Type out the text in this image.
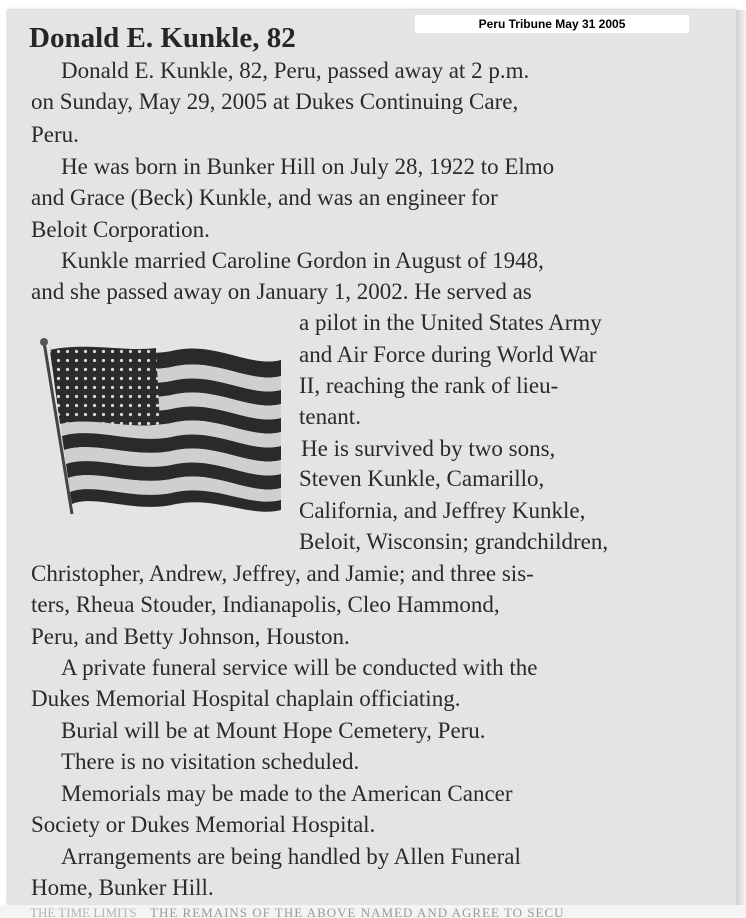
Peru Tribune May 31 2005
Donald E. Kunkle, 82
Donald E. Kunkle, 82, Peru, passed away at 2 p.m.
on Sunday, May 29, 2005 at Dukes Continuing Care,
Peru.
He was born in Bunker Hill on July 28, 1922 to Elmo
and Grace (Beck) Kunkle, and was an engineer for
Beloit Corporation.
Kunkle married Caroline Gordon in August of 1948,
and she passed away on January 1, 2002. He served as
a pilot in the United States Army
and Air Force during World War
II, reaching the rank of lieu-
tenant.
He is survived by two sons,
Steven Kunkle, Camarillo,
California, and Jeffrey Kunkle,
Beloit, Wisconsin; grandchildren,
Christopher, Andrew, Jeffrey, and Jamie; and three sis-
ters, Rheua Stouder, Indianapolis, Cleo Hammond,
Peru, and Betty Johnson, Houston.
A private funeral service will be conducted with the
Dukes Memorial Hospital chaplain officiating.
Burial will be at Mount Hope Cemetery, Peru.
There is no visitation scheduled.
Memorials may be made to the American Cancer
Society or Dukes Memorial Hospital.
Arrangements are being handled by Allen Funeral
Home, Bunker Hill.
THE TIME LIMITS THE REMAINS OF THE ABOVE NAMED AND AGREE TO SECU
